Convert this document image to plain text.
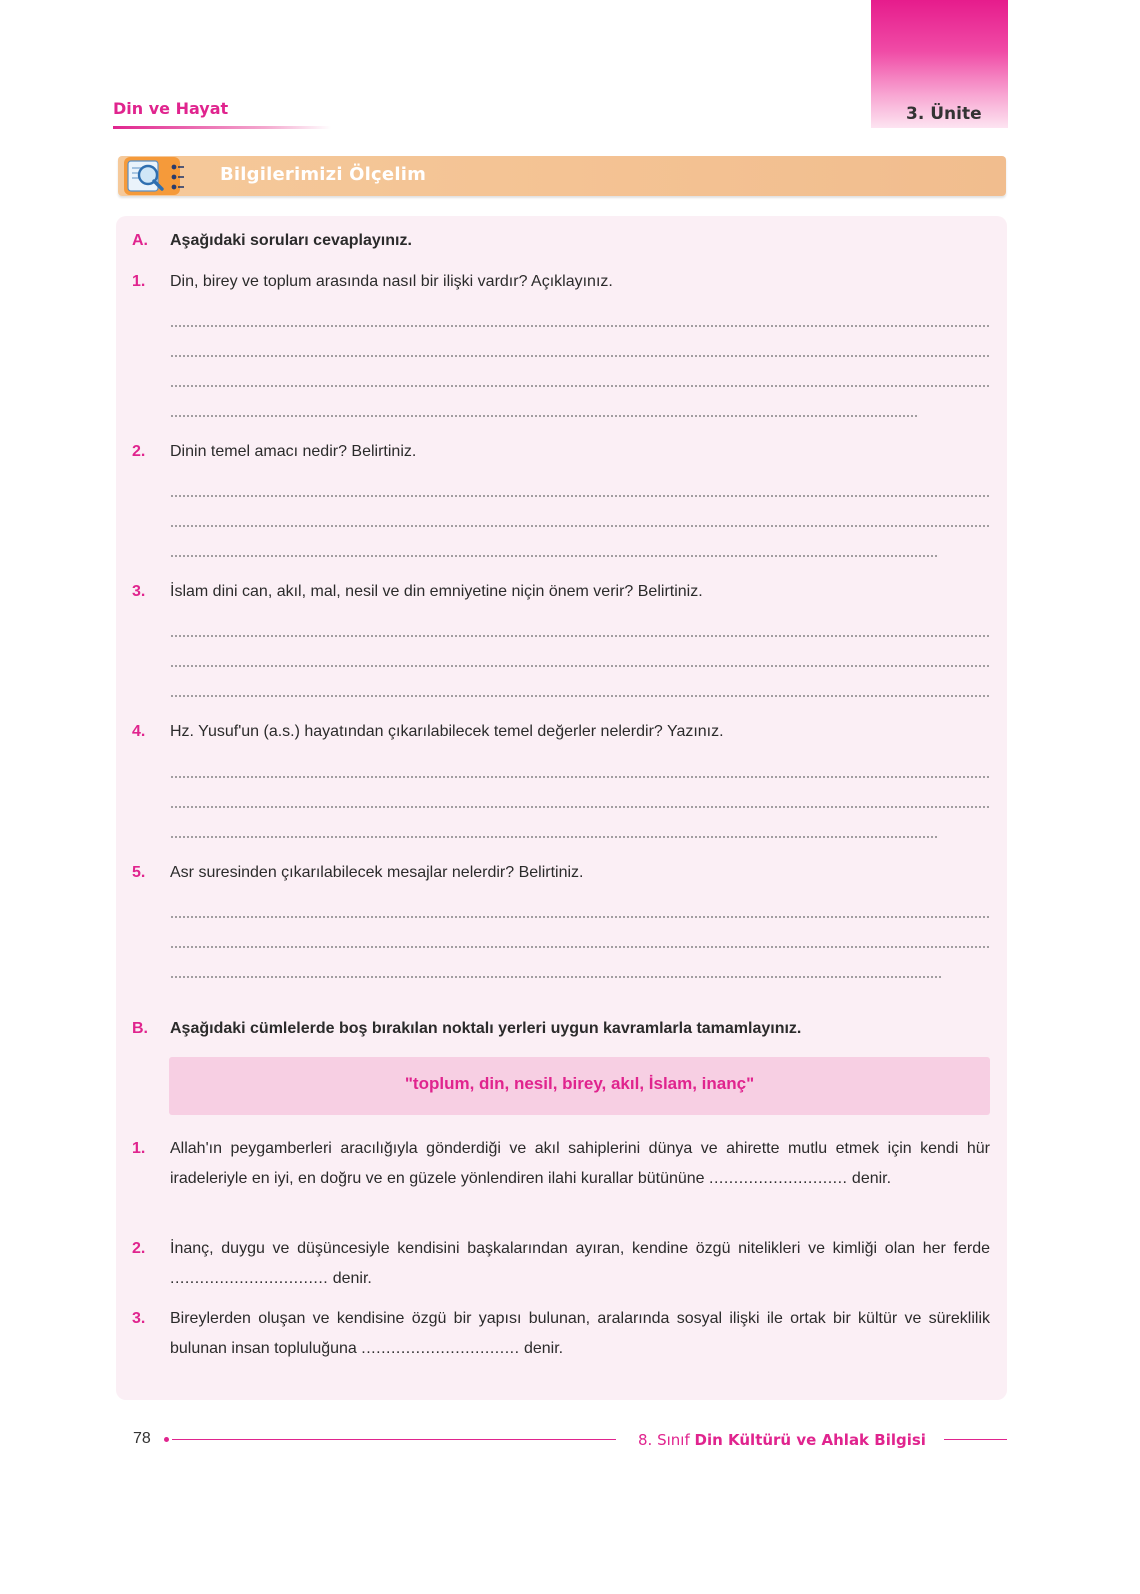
3. Ünite
Din ve Hayat
Bilgilerimizi Ölçelim
A. Aşağıdaki soruları cevaplayınız.
1. Din, birey ve toplum arasında nasıl bir ilişki vardır? Açıklayınız.
2. Dinin temel amacı nedir? Belirtiniz.
3. İslam dini can, akıl, mal, nesil ve din emniyetine niçin önem verir? Belirtiniz.
4. Hz. Yusuf'un (a.s.) hayatından çıkarılabilecek temel değerler nelerdir? Yazınız.
5. Asr suresinden çıkarılabilecek mesajlar nelerdir? Belirtiniz.
B. Aşağıdaki cümlelerde boş bırakılan noktalı yerleri uygun kavramlarla tamamlayınız.
"toplum, din, nesil, birey, akıl, İslam, inanç"
1. Allah'ın peygamberleri aracılığıyla gönderdiği ve akıl sahiplerini dünya ve ahirette mutlu etmek için kendi hür iradeleriyle en iyi, en doğru ve en güzele yönlendiren ilahi kurallar bütününe ............................ denir.
2. İnanç, duygu ve düşüncesiyle kendisini başkalarından ayıran, kendine özgü nitelikleri ve kimliği olan her ferde ................................ denir.
3. Bireylerden oluşan ve kendisine özgü bir yapısı bulunan, aralarında sosyal ilişki ile ortak bir kültür ve süreklilik bulunan insan topluluğuna ................................ denir.
78	8. Sınıf Din Kültürü ve Ahlak Bilgisi
